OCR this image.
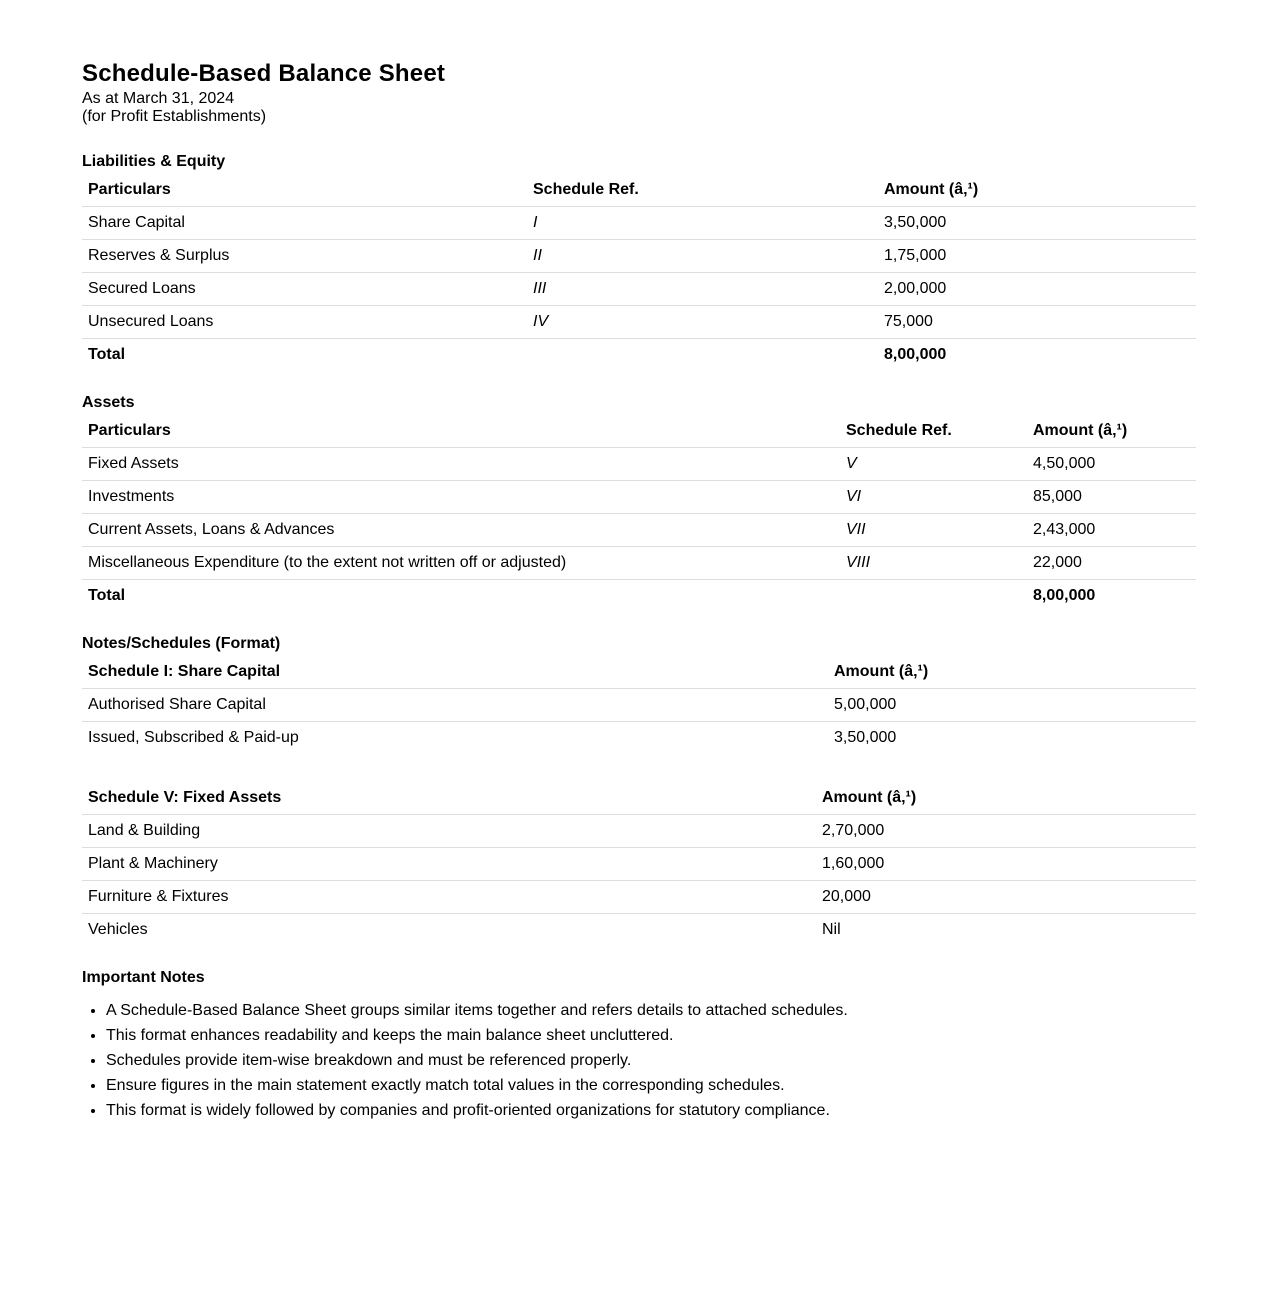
Schedule-Based Balance Sheet
As at March 31, 2024
(for Profit Establishments)
Liabilities & Equity
Particulars	Schedule Ref.	Amount (â‚¹)
Share Capital	I	3,50,000
Reserves & Surplus	II	1,75,000
Secured Loans	III	2,00,000
Unsecured Loans	IV	75,000
Total		8,00,000
Assets
Particulars	Schedule Ref.	Amount (â‚¹)
Fixed Assets	V	4,50,000
Investments	VI	85,000
Current Assets, Loans & Advances	VII	2,43,000
Miscellaneous Expenditure (to the extent not written off or adjusted)	VIII	22,000
Total		8,00,000
Notes/Schedules (Format)
Schedule I: Share Capital	Amount (â‚¹)
Authorised Share Capital	5,00,000
Issued, Subscribed & Paid-up	3,50,000
Schedule V: Fixed Assets	Amount (â‚¹)
Land & Building	2,70,000
Plant & Machinery	1,60,000
Furniture & Fixtures	20,000
Vehicles	Nil
Important Notes
• A Schedule-Based Balance Sheet groups similar items together and refers details to attached schedules.
• This format enhances readability and keeps the main balance sheet uncluttered.
• Schedules provide item-wise breakdown and must be referenced properly.
• Ensure figures in the main statement exactly match total values in the corresponding schedules.
• This format is widely followed by companies and profit-oriented organizations for statutory compliance.
